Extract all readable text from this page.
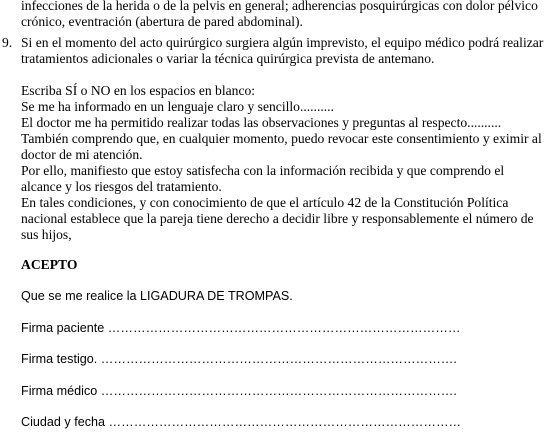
infecciones de la herida o de la pelvis en general; adherencias posquirúrgicas con dolor pélvico
crónico, eventración (abertura de pared abdominal).
9. Si en el momento del acto quirúrgico surgiera algún imprevisto, el equipo médico podrá realizar
tratamientos adicionales o variar la técnica quirúrgica prevista de antemano.
Escriba SÍ o NO en los espacios en blanco:
Se me ha informado en un lenguaje claro y sencillo..........
El doctor me ha permitido realizar todas las observaciones y preguntas al respecto..........
También comprendo que, en cualquier momento, puedo revocar este consentimiento y eximir al
doctor de mi atención.
Por ello, manifiesto que estoy satisfecha con la información recibida y que comprendo el
alcance y los riesgos del tratamiento.
En tales condiciones, y con conocimiento de que el artículo 42 de la Constitución Política
nacional establece que la pareja tiene derecho a decidir libre y responsablemente el número de
sus hijos,
ACEPTO
Que se me realice la LIGADURA DE TROMPAS.
Firma paciente …………………………………………………………………………
Firma testigo. ………………………………………………………………………….
Firma médico ………………………………………………………………………….
Ciudad y fecha …………………………………………………………………………
